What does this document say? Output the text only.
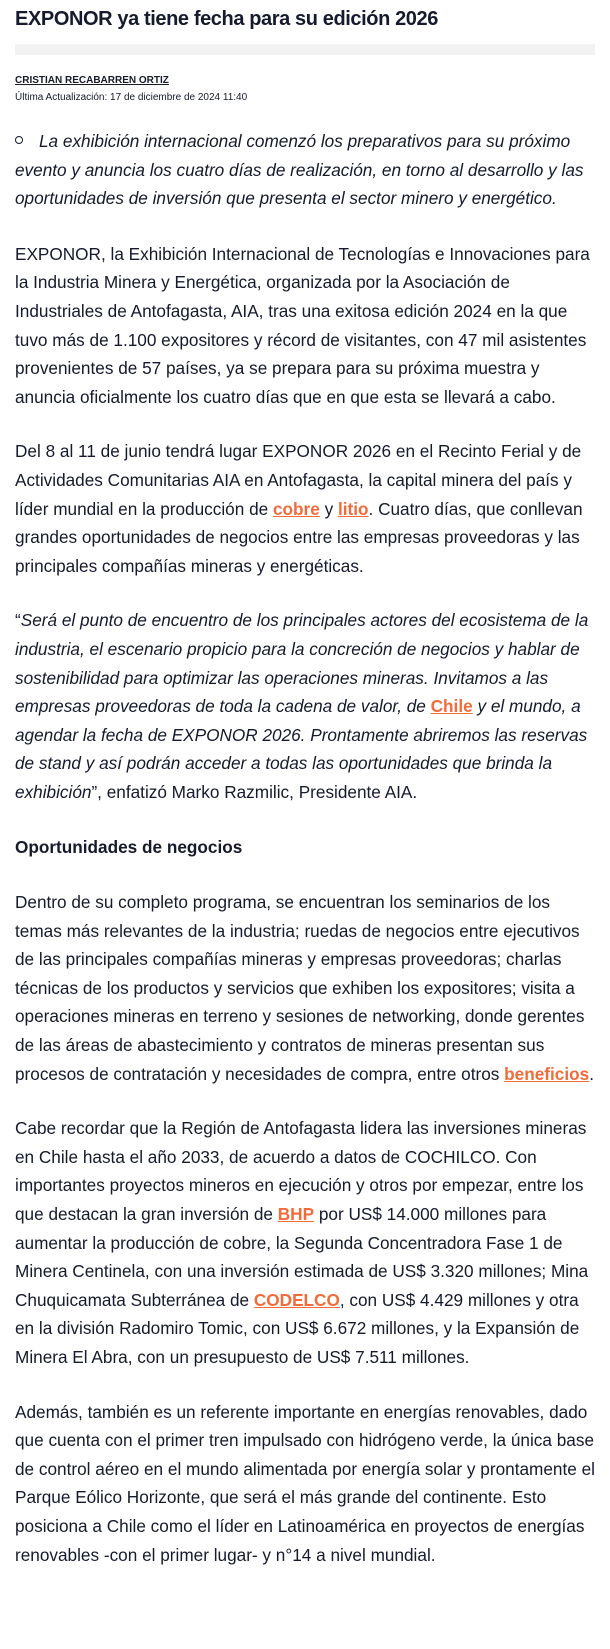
EXPONOR ya tiene fecha para su edición 2026
CRISTIAN RECABARREN ORTIZ
Última Actualización: 17 de diciembre de 2024 11:40
La exhibición internacional comenzó los preparativos para su próximo evento y anuncia los cuatro días de realización, en torno al desarrollo y las oportunidades de inversión que presenta el sector minero y energético.

EXPONOR, la Exhibición Internacional de Tecnologías e Innovaciones para la Industria Minera y Energética, organizada por la Asociación de Industriales de Antofagasta, AIA, tras una exitosa edición 2024 en la que tuvo más de 1.100 expositores y récord de visitantes, con 47 mil asistentes provenientes de 57 países, ya se prepara para su próxima muestra y anuncia oficialmente los cuatro días que en que esta se llevará a cabo.

Del 8 al 11 de junio tendrá lugar EXPONOR 2026 en el Recinto Ferial y de Actividades Comunitarias AIA en Antofagasta, la capital minera del país y líder mundial en la producción de cobre y litio. Cuatro días, que conllevan grandes oportunidades de negocios entre las empresas proveedoras y las principales compañías mineras y energéticas.

“Será el punto de encuentro de los principales actores del ecosistema de la industria, el escenario propicio para la concreción de negocios y hablar de sostenibilidad para optimizar las operaciones mineras. Invitamos a las empresas proveedoras de toda la cadena de valor, de Chile y el mundo, a agendar la fecha de EXPONOR 2026. Prontamente abriremos las reservas de stand y así podrán acceder a todas las oportunidades que brinda la exhibición”, enfatizó Marko Razmilic, Presidente AIA.

Oportunidades de negocios

Dentro de su completo programa, se encuentran los seminarios de los temas más relevantes de la industria; ruedas de negocios entre ejecutivos de las principales compañías mineras y empresas proveedoras; charlas técnicas de los productos y servicios que exhiben los expositores; visita a operaciones mineras en terreno y sesiones de networking, donde gerentes de las áreas de abastecimiento y contratos de mineras presentan sus procesos de contratación y necesidades de compra, entre otros beneficios.

Cabe recordar que la Región de Antofagasta lidera las inversiones mineras en Chile hasta el año 2033, de acuerdo a datos de COCHILCO. Con importantes proyectos mineros en ejecución y otros por empezar, entre los que destacan la gran inversión de BHP por US$ 14.000 millones para aumentar la producción de cobre, la Segunda Concentradora Fase 1 de Minera Centinela, con una inversión estimada de US$ 3.320 millones; Mina Chuquicamata Subterránea de CODELCO, con US$ 4.429 millones y otra en la división Radomiro Tomic, con US$ 6.672 millones, y la Expansión de Minera El Abra, con un presupuesto de US$ 7.511 millones.

Además, también es un referente importante en energías renovables, dado que cuenta con el primer tren impulsado con hidrógeno verde, la única base de control aéreo en el mundo alimentada por energía solar y prontamente el Parque Eólico Horizonte, que será el más grande del continente. Esto posiciona a Chile como el líder en Latinoamérica en proyectos de energías renovables -con el primer lugar- y n°14 a nivel mundial.
